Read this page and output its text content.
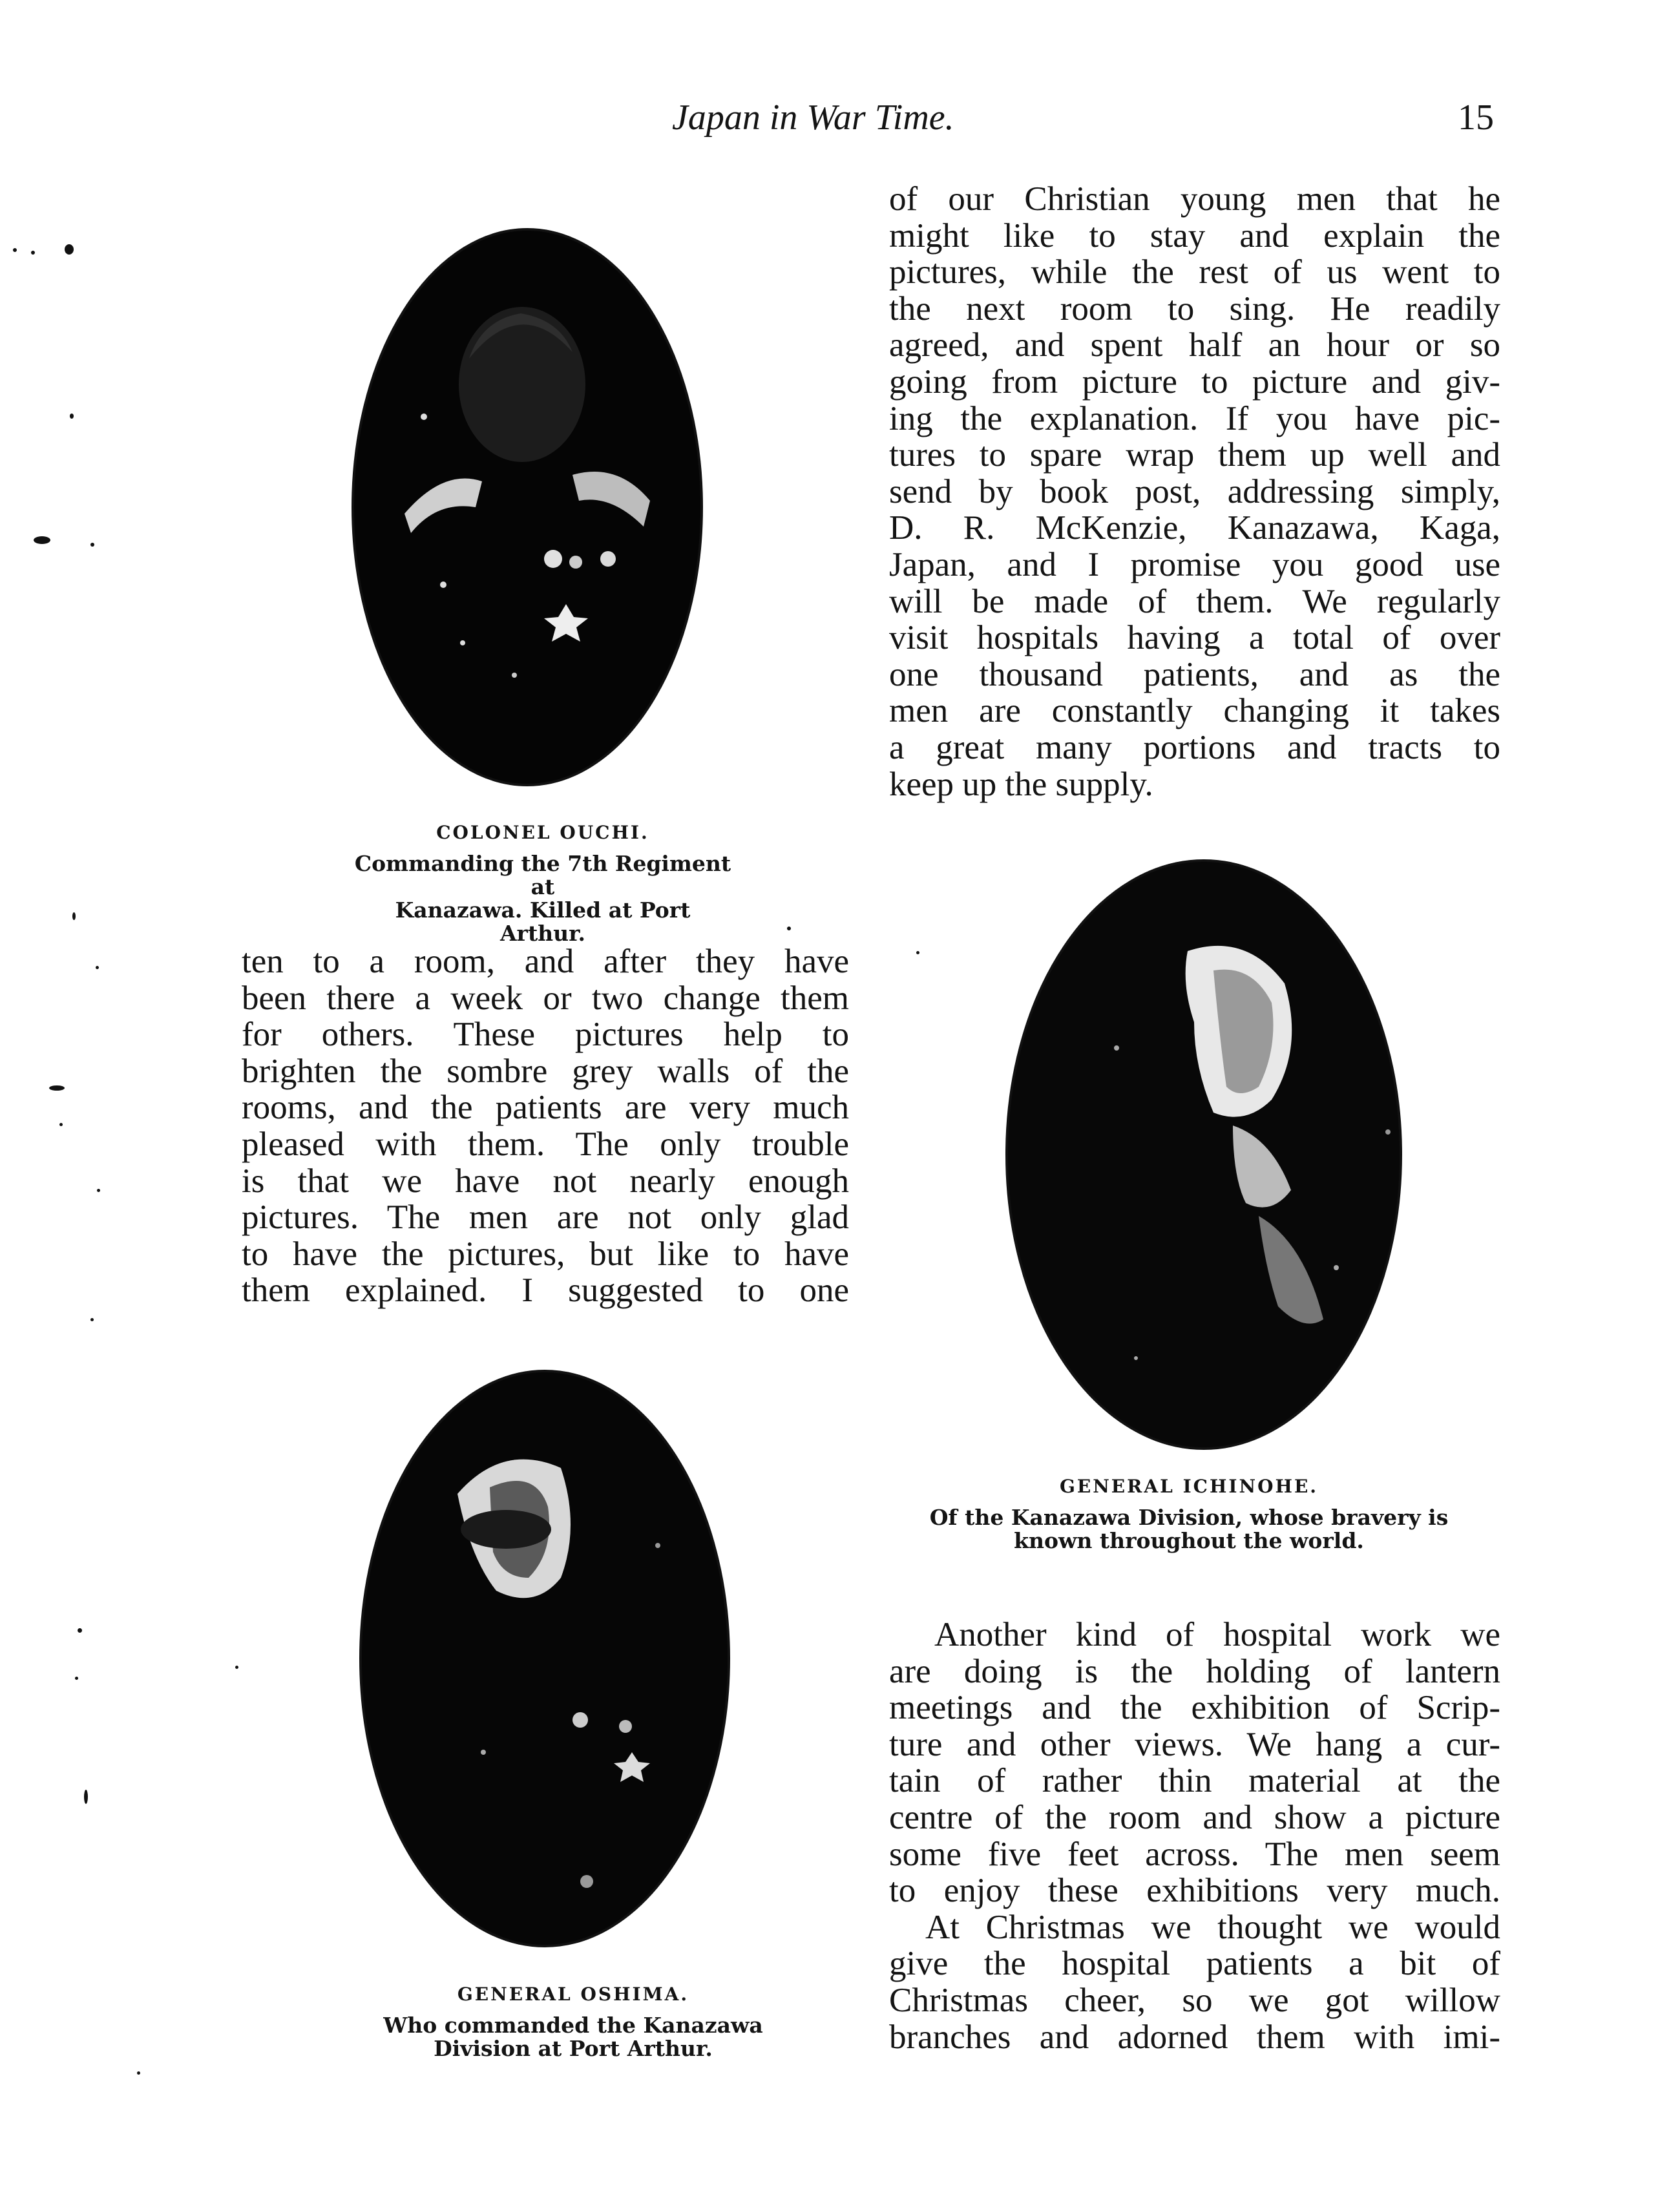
Japan in War Time.	15
COLONEL OUCHI.
Commanding the 7th Regiment at
Kanazawa. Killed at Port Arthur.
of our Christian young men that he
might like to stay and explain the
pictures, while the rest of us went to
the next room to sing. He readily
agreed, and spent half an hour or so
going from picture to picture and giv-
ing the explanation. If you have pic-
tures to spare wrap them up well and
send by book post, addressing simply,
D. R. McKenzie, Kanazawa, Kaga,
Japan, and I promise you good use
will be made of them. We regularly
visit hospitals having a total of over
one thousand patients, and as the
men are constantly changing it takes
a great many portions and tracts to
keep up the supply.
GENERAL ICHINOHE.
Of the Kanazawa Division, whose bravery is
known throughout the world.
ten to a room, and after they have
been there a week or two change them
for others. These pictures help to
brighten the sombre grey walls of the
rooms, and the patients are very much
pleased with them. The only trouble
is that we have not nearly enough
pictures. The men are not only glad
to have the pictures, but like to have
them explained. I suggested to one
GENERAL OSHIMA.
Who commanded the Kanazawa
Division at Port Arthur.
Another kind of hospital work we
are doing is the holding of lantern
meetings and the exhibition of Scrip-
ture and other views. We hang a cur-
tain of rather thin material at the
centre of the room and show a picture
some five feet across. The men seem
to enjoy these exhibitions very much.
At Christmas we thought we would
give the hospital patients a bit of
Christmas cheer, so we got willow
branches and adorned them with imi-
